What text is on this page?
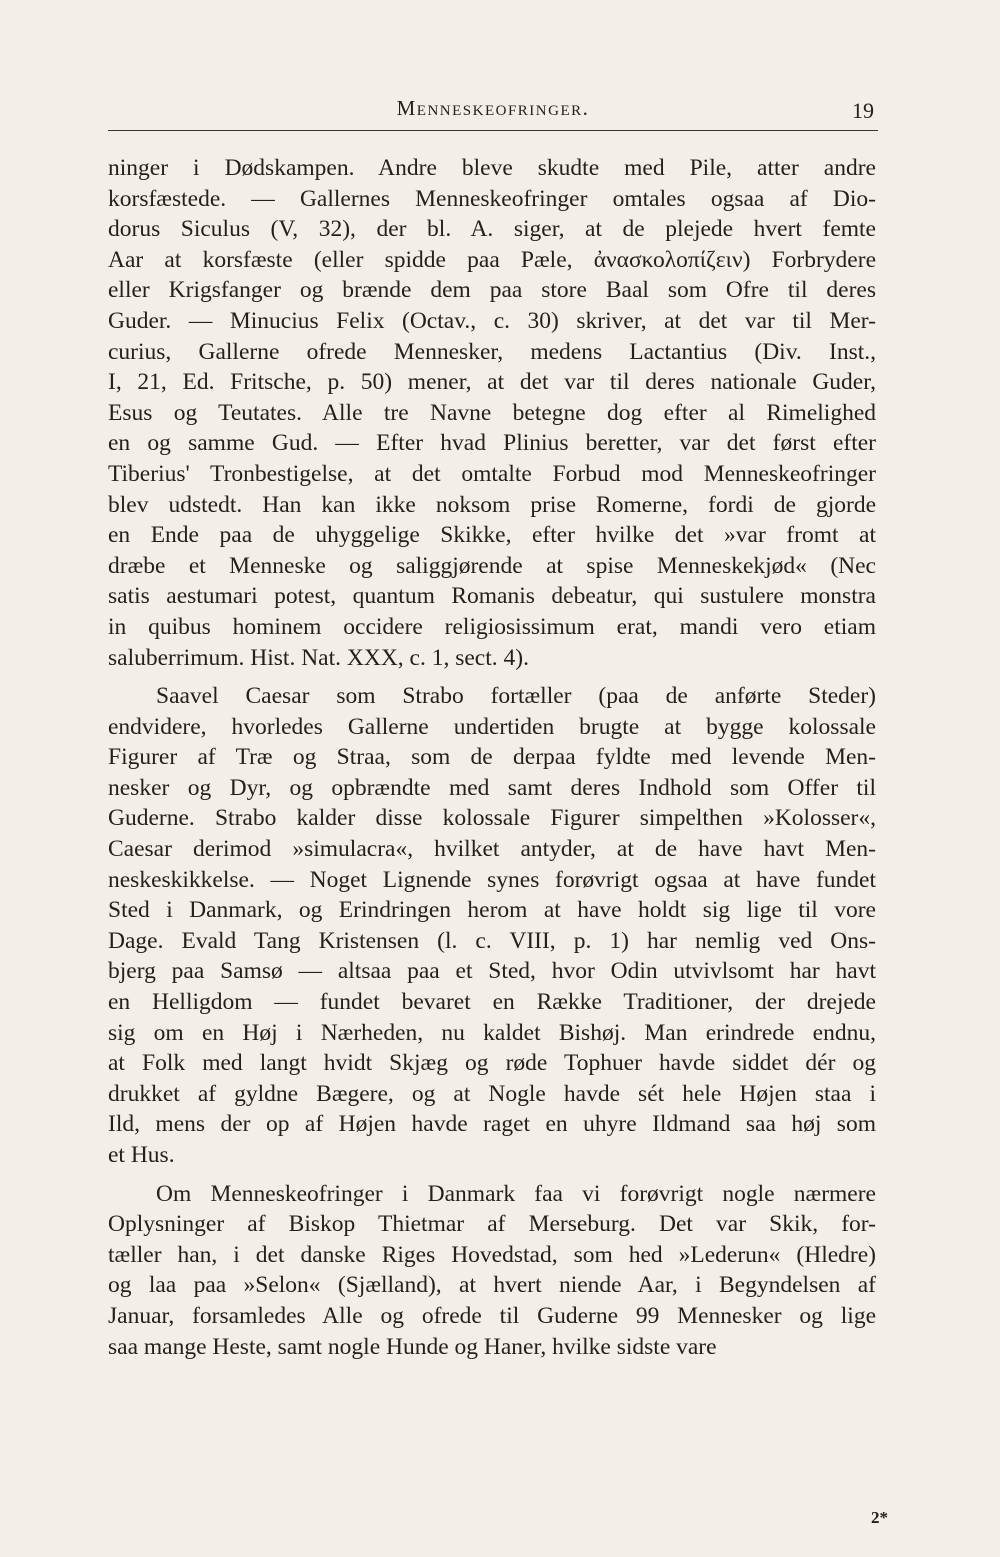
Menneskeofringer.	19
ninger i Dødskampen. Andre bleve skudte med Pile, atter andre
korsfæstede. — Gallernes Menneskeofringer omtales ogsaa af Dio-
dorus Siculus (V, 32), der bl. A. siger, at de plejede hvert femte
Aar at korsfæste (eller spidde paa Pæle, ἀνασκολοπίζειν) Forbrydere
eller Krigsfanger og brænde dem paa store Baal som Ofre til deres
Guder. — Minucius Felix (Octav., c. 30) skriver, at det var til Mer-
curius, Gallerne ofrede Mennesker, medens Lactantius (Div. Inst.,
I, 21, Ed. Fritsche, p. 50) mener, at det var til deres nationale Guder,
Esus og Teutates. Alle tre Navne betegne dog efter al Rimelighed
en og samme Gud. — Efter hvad Plinius beretter, var det først efter
Tiberius' Tronbestigelse, at det omtalte Forbud mod Menneskeofringer
blev udstedt. Han kan ikke noksom prise Romerne, fordi de gjorde
en Ende paa de uhyggelige Skikke, efter hvilke det »var fromt at
dræbe et Menneske og saliggjørende at spise Menneskekjød« (Nec
satis aestumari potest, quantum Romanis debeatur, qui sustulere monstra
in quibus hominem occidere religiosissimum erat, mandi vero etiam
saluberrimum. Hist. Nat. XXX, c. 1, sect. 4).
Saavel Caesar som Strabo fortæller (paa de anførte Steder)
endvidere, hvorledes Gallerne undertiden brugte at bygge kolossale
Figurer af Træ og Straa, som de derpaa fyldte med levende Men-
nesker og Dyr, og opbrændte med samt deres Indhold som Offer til
Guderne. Strabo kalder disse kolossale Figurer simpelthen »Kolosser«,
Caesar derimod »simulacra«, hvilket antyder, at de have havt Men-
neskeskikkelse. — Noget Lignende synes forøvrigt ogsaa at have fundet
Sted i Danmark, og Erindringen herom at have holdt sig lige til vore
Dage. Evald Tang Kristensen (l. c. VIII, p. 1) har nemlig ved Ons-
bjerg paa Samsø — altsaa paa et Sted, hvor Odin utvivlsomt har havt
en Helligdom — fundet bevaret en Række Traditioner, der drejede
sig om en Høj i Nærheden, nu kaldet Bishøj. Man erindrede endnu,
at Folk med langt hvidt Skjæg og røde Tophuer havde siddet dér og
drukket af gyldne Bægere, og at Nogle havde sét hele Højen staa i
Ild, mens der op af Højen havde raget en uhyre Ildmand saa høj som
et Hus.
Om Menneskeofringer i Danmark faa vi forøvrigt nogle nærmere
Oplysninger af Biskop Thietmar af Merseburg. Det var Skik, for-
tæller han, i det danske Riges Hovedstad, som hed »Lederun« (Hledre)
og laa paa »Selon« (Sjælland), at hvert niende Aar, i Begyndelsen af
Januar, forsamledes Alle og ofrede til Guderne 99 Mennesker og lige
saa mange Heste, samt nogle Hunde og Haner, hvilke sidste vare
2*
